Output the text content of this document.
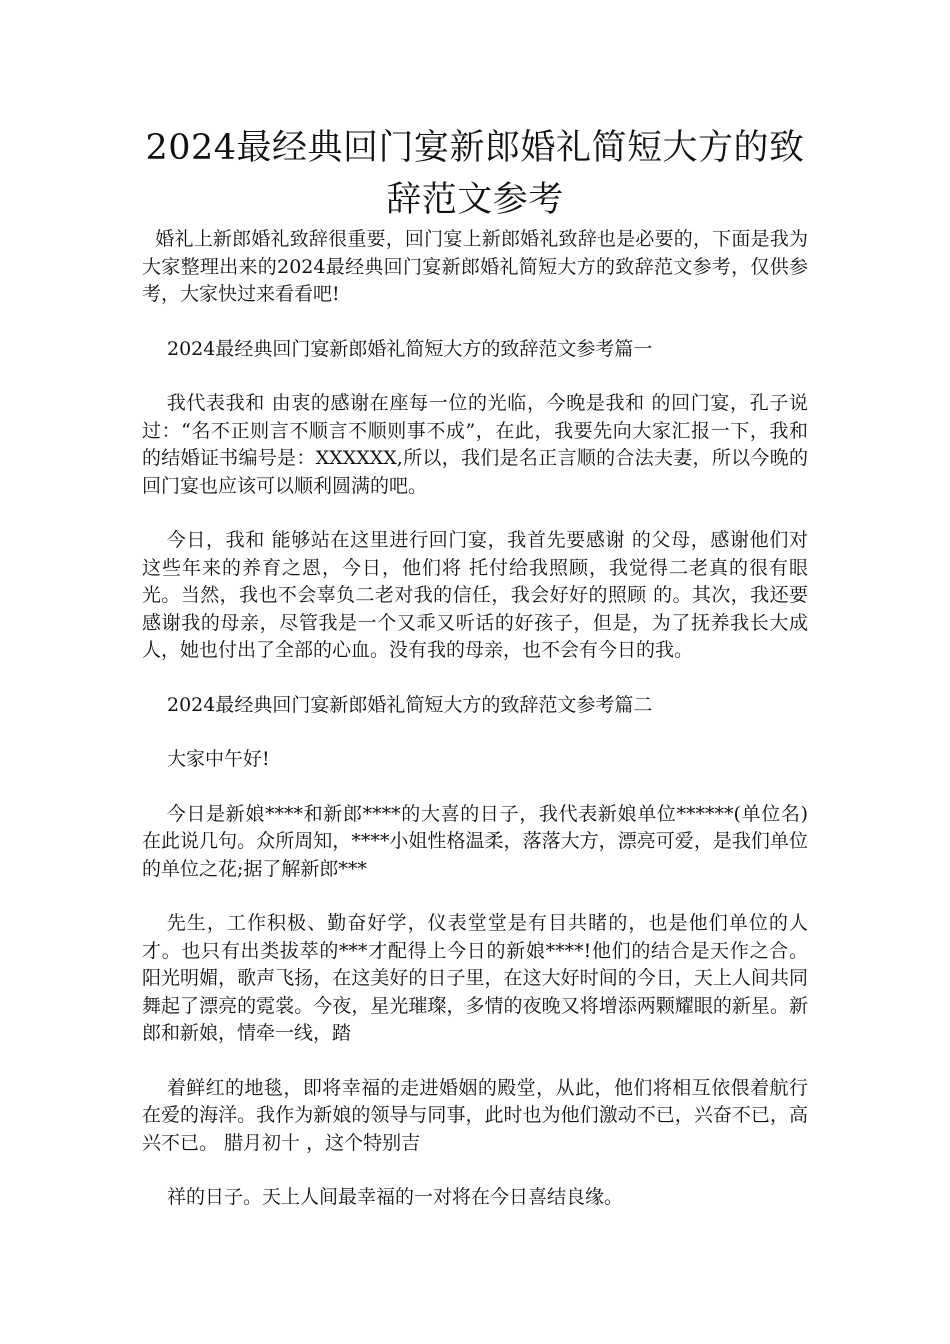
2024最经典回门宴新郎婚礼简短大方的致
辞范文参考

婚礼上新郎婚礼致辞很重要，回门宴上新郎婚礼致辞也是必要的，下面是我为大家整理出来的2024最经典回门宴新郎婚礼简短大方的致辞范文参考，仅供参考，大家快过来看看吧!

2024最经典回门宴新郎婚礼简短大方的致辞范文参考篇一

我代表我和 由衷的感谢在座每一位的光临，今晚是我和 的回门宴，孔子说过：“名不正则言不顺言不顺则事不成”，在此，我要先向大家汇报一下，我和 的结婚证书编号是：XXXXXX,所以，我们是名正言顺的合法夫妻，所以今晚的回门宴也应该可以顺利圆满的吧。

今日，我和 能够站在这里进行回门宴，我首先要感谢 的父母，感谢他们对 这些年来的养育之恩，今日，他们将 托付给我照顾，我觉得二老真的很有眼光。当然，我也不会辜负二老对我的信任，我会好好的照顾 的。其次，我还要感谢我的母亲，尽管我是一个又乖又听话的好孩子，但是，为了抚养我长大成人，她也付出了全部的心血。没有我的母亲，也不会有今日的我。

2024最经典回门宴新郎婚礼简短大方的致辞范文参考篇二

大家中午好!

今日是新娘****和新郎****的大喜的日子，我代表新娘单位******(单位名)在此说几句。众所周知，****小姐性格温柔，落落大方，漂亮可爱，是我们单位的单位之花;据了解新郎***

先生，工作积极、勤奋好学，仪表堂堂是有目共睹的，也是他们单位的人才。也只有出类拔萃的***才配得上今日的新娘****!他们的结合是天作之合。 阳光明媚，歌声飞扬，在这美好的日子里，在这大好时间的今日，天上人间共同舞起了漂亮的霓裳。今夜，星光璀璨，多情的夜晚又将增添两颗耀眼的新星。新郎和新娘，情牵一线，踏

着鲜红的地毯，即将幸福的走进婚姻的殿堂，从此，他们将相互依偎着航行在爱的海洋。我作为新娘的领导与同事，此时也为他们激动不已，兴奋不已，高兴不已。 腊月初十 ，这个特别吉

祥的日子。天上人间最幸福的一对将在今日喜结良缘。
